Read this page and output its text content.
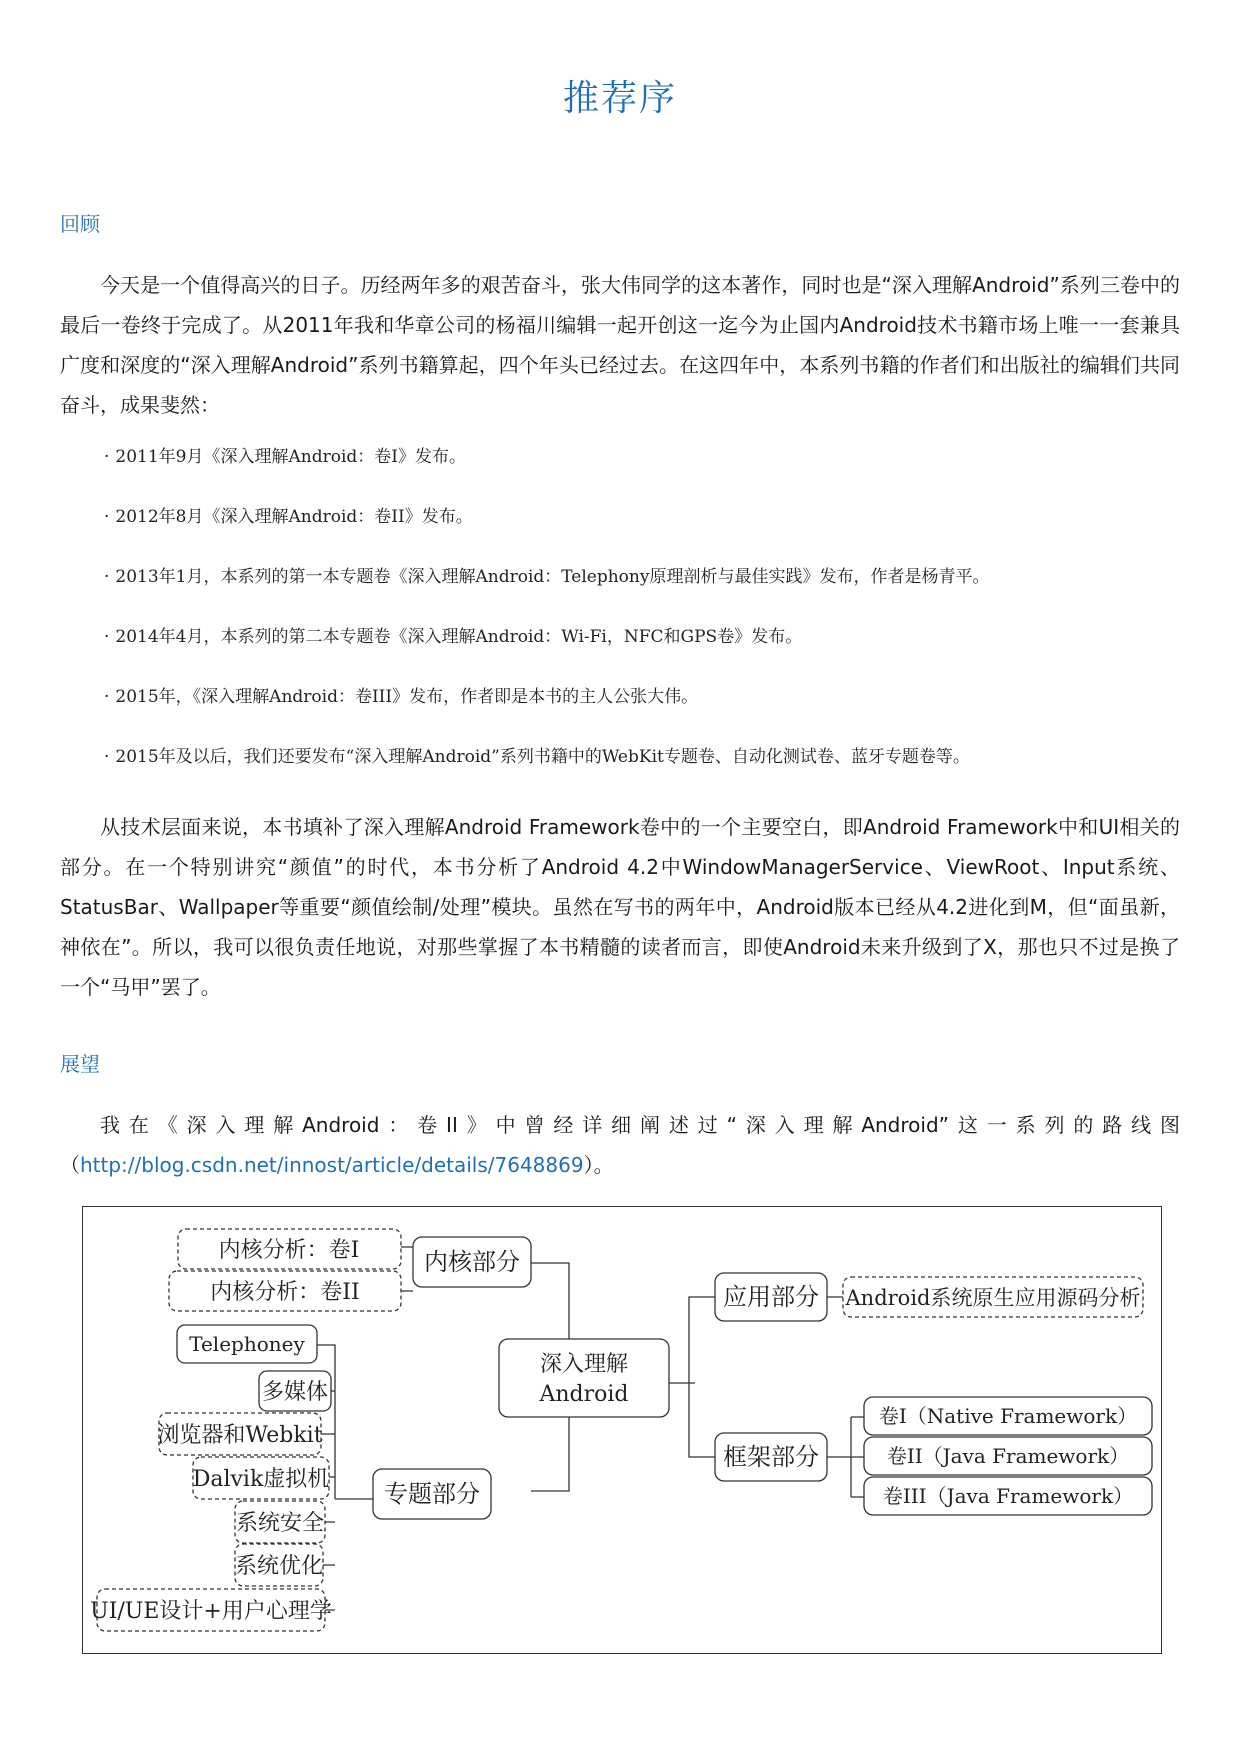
推荐序
回顾
今天是一个值得高兴的日子。历经两年多的艰苦奋斗，张大伟同学的这本著作，同时也是“深入理解Android”系列三卷中的最后一卷终于完成了。从2011年我和华章公司的杨福川编辑一起开创这一迄今为止国内Android技术书籍市场上唯一一套兼具广度和深度的“深入理解Android”系列书籍算起，四个年头已经过去。在这四年中，本系列书籍的作者们和出版社的编辑们共同奋斗，成果斐然：
· 2011年9月《深入理解Android：卷I》发布。
· 2012年8月《深入理解Android：卷II》发布。
· 2013年1月，本系列的第一本专题卷《深入理解Android：Telephony原理剖析与最佳实践》发布，作者是杨青平。
· 2014年4月，本系列的第二本专题卷《深入理解Android：Wi-Fi，NFC和GPS卷》发布。
· 2015年，《深入理解Android：卷III》发布，作者即是本书的主人公张大伟。
· 2015年及以后，我们还要发布“深入理解Android”系列书籍中的WebKit专题卷、自动化测试卷、蓝牙专题卷等。
从技术层面来说，本书填补了深入理解Android Framework卷中的一个主要空白，即Android Framework中和UI相关的部分。在一个特别讲究“颜值”的时代，本书分析了Android 4.2中WindowManagerService、ViewRoot、Input系统、StatusBar、Wallpaper等重要“颜值绘制/处理”模块。虽然在写书的两年中，Android版本已经从4.2进化到M，但“面虽新，神依在”。所以，我可以很负责任地说，对那些掌握了本书精髓的读者而言，即使Android未来升级到了X，那也只不过是换了一个“马甲”罢了。
展望
我在《深入理解Android：卷II》中曾经详细阐述过“深入理解Android”这一系列的路线图（http://blog.csdn.net/innost/article/details/7648869）。
内核分析：卷I
内核分析：卷II
内核部分
Telephoney
多媒体
浏览器和Webkit
Dalvik虚拟机
系统安全
系统优化
UI/UE设计+用户心理学
专题部分
深入理解
Android
应用部分 Android系统原生应用源码分析
框架部分
卷I（Native Framework）
卷II（Java Framework）
卷III（Java Framework）
